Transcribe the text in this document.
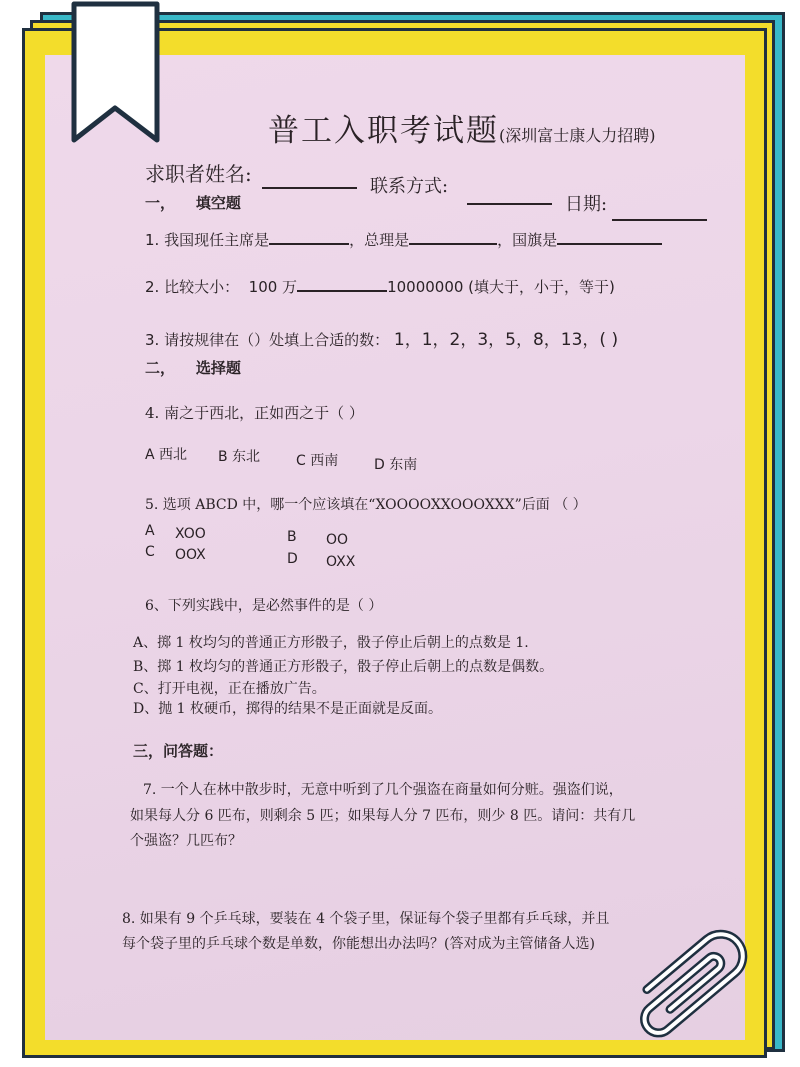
普工入职考试题(深圳富士康人力招聘)
求职者姓名:
联系方式:
日期:
一， 填空题
1. 我国现任主席是	，总理是	，国旗是
2. 比较大小： 100 万	10000000 (填大于，小于，等于)
3. 请按规律在（）处填上合适的数： 1，1，2，3，5，8，13，( )
二， 选择题
4. 南之于西北，正如西之于（ ）
A 西北 B 东北	C 西南	D 东南
5. 选项 ABCD 中，哪一个应该填在“XOOOOXXOOOXXX”后面 （ ）
A XOO
C OOX
B OO
D OXX
6、下列实践中，是必然事件的是（ ）
A、掷 1 枚均匀的普通正方形骰子，骰子停止后朝上的点数是 1.
B、掷 1 枚均匀的普通正方形骰子，骰子停止后朝上的点数是偶数。
C、打开电视，正在播放广告。
D、抛 1 枚硬币，掷得的结果不是正面就是反面。
三，问答题：
7. 一个人在林中散步时，无意中听到了几个强盗在商量如何分赃。强盗们说，
如果每人分 6 匹布，则剩余 5 匹；如果每人分 7 匹布，则少 8 匹。请问：共有几
个强盗？几匹布？
8. 如果有 9 个乒乓球，要装在 4 个袋子里，保证每个袋子里都有乒乓球，并且
每个袋子里的乒乓球个数是单数，你能想出办法吗？(答对成为主管储备人选)
